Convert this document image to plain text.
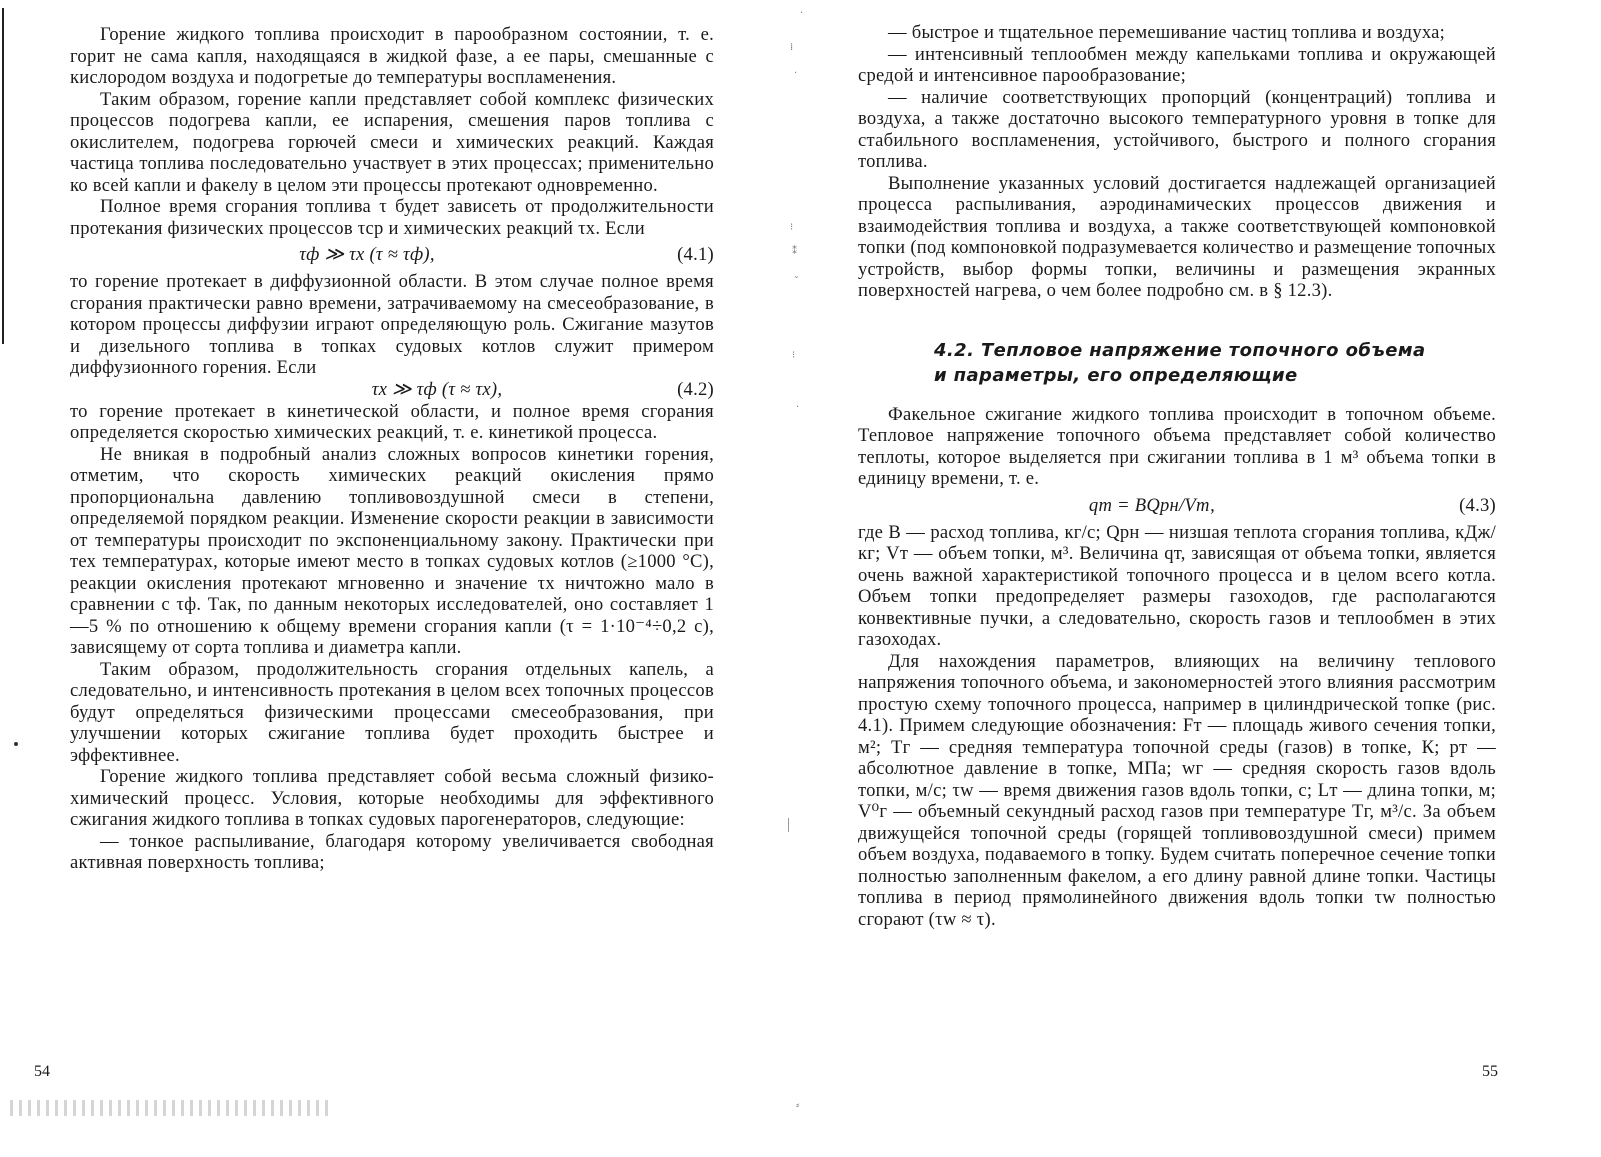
Горение жидкого топлива происходит в парообразном состоянии, т. е. горит не сама капля, находящаяся в жидкой фазе, а ее пары, смешанные с кислородом воздуха и подогретые до температуры воспламенения.

Таким образом, горение капли представляет собой комплекс физических процессов подогрева капли, ее испарения, смешения паров топлива с окислителем, подогрева горючей смеси и химических реакций. Каждая частица топлива последовательно участвует в этих процессах; применительно ко всей капли и факелу в целом эти процессы протекают одновременно.

Полное время сгорания топлива τ будет зависеть от продолжительности протекания физических процессов τср и химических реакций τх. Если

τф ≫ τх (τ ≈ τф),	(4.1)

то горение протекает в диффузионной области. В этом случае полное время сгорания практически равно времени, затрачиваемому на смесеобразование, в котором процессы диффузии играют определяющую роль. Сжигание мазутов и дизельного топлива в топках судовых котлов служит примером диффузионного горения. Если

τх ≫ τф (τ ≈ τх),	(4.2)

то горение протекает в кинетической области, и полное время сгорания определяется скоростью химических реакций, т. е. кинетикой процесса.

Не вникая в подробный анализ сложных вопросов кинетики горения, отметим, что скорость химических реакций окисления прямо пропорциональна давлению топливовоздушной смеси в степени, определяемой порядком реакции. Изменение скорости реакции в зависимости от температуры происходит по экспоненциальному закону. Практически при тех температурах, которые имеют место в топках судовых котлов (≥1000 °С), реакции окисления протекают мгновенно и значение τх ничтожно мало в сравнении с τф. Так, по данным некоторых исследователей, оно составляет 1—5 % по отношению к общему времени сгорания капли (τ = 1·10⁻⁴÷0,2 с), зависящему от сорта топлива и диаметра капли.

Таким образом, продолжительность сгорания отдельных капель, а следовательно, и интенсивность протекания в целом всех топочных процессов будут определяться физическими процессами смесеобразования, при улучшении которых сжигание топлива будет проходить быстрее и эффективнее.

Горение жидкого топлива представляет собой весьма сложный физико-химический процесс. Условия, которые необходимы для эффективного сжигания жидкого топлива в топках судовых парогенераторов, следующие:

— тонкое распыливание, благодаря которому увеличивается свободная активная поверхность топлива;

54
·
⁞
·
⁝
⁑
ˇ
⁝
·
⸗

— быстрое и тщательное перемешивание частиц топлива и воздуха;

— интенсивный теплообмен между капельками топлива и окружающей средой и интенсивное парообразование;

— наличие соответствующих пропорций (концентраций) топлива и воздуха, а также достаточно высокого температурного уровня в топке для стабильного воспламенения, устойчивого, быстрого и полного сгорания топлива.

Выполнение указанных условий достигается надлежащей организацией процесса распыливания, аэродинамических процессов движения и взаимодействия топлива и воздуха, а также соответствующей компоновкой топки (под компоновкой подразумевается количество и размещение топочных устройств, выбор формы топки, величины и размещения экранных поверхностей нагрева, о чем более подробно см. в § 12.3).

4.2. Тепловое напряжение топочного объема
и параметры, его определяющие

Факельное сжигание жидкого топлива происходит в топочном объеме. Тепловое напряжение топочного объема представляет собой количество теплоты, которое выделяется при сжигании топлива в 1 м³ объема топки в единицу времени, т. е.

qт = BQрн/Vт,	(4.3)

где B — расход топлива, кг/с; Qрн — низшая теплота сгорания топлива, кДж/кг; Vт — объем топки, м³. Величина qт, зависящая от объема топки, является очень важной характеристикой топочного процесса и в целом всего котла. Объем топки предопределяет размеры газоходов, где располагаются конвективные пучки, а следовательно, скорость газов и теплообмен в этих газоходах.

Для нахождения параметров, влияющих на величину теплового напряжения топочного объема, и закономерностей этого влияния рассмотрим простую схему топочного процесса, например в цилиндрической топке (рис. 4.1). Примем следующие обозначения: Fт — площадь живого сечения топки, м²; Tг — средняя температура топочной среды (газов) в топке, К; pт — абсолютное давление в топке, МПа; wг — средняя скорость газов вдоль топки, м/с; τw — время движения газов вдоль топки, с; Lт — длина топки, м; V⁰г — объемный секундный расход газов при температуре Tг, м³/с. За объем движущейся топочной среды (горящей топливовоздушной смеси) примем объем воздуха, подаваемого в топку. Будем считать поперечное сечение топки полностью заполненным факелом, а его длину равной длине топки. Частицы топлива в период прямолинейного движения вдоль топки τw полностью сгорают (τw ≈ τ).

55
